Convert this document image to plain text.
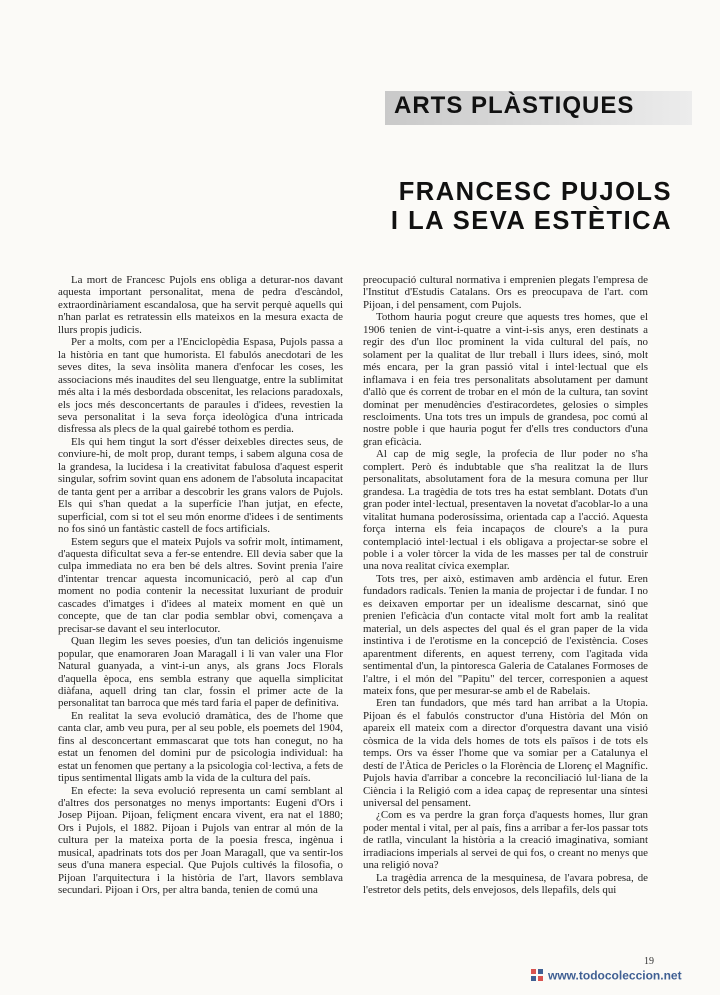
ARTS PLÀSTIQUES
FRANCESC PUJOLS
I LA SEVA ESTÈTICA

La mort de Francesc Pujols ens obliga a deturar-nos davant aquesta important personalitat, mena de pedra d'escàndol, extraordinàriament escandalosa, que ha servit perquè aquells qui n'han parlat es retratessin ells mateixos en la mesura exacta de llurs propis judicis.

Per a molts, com per a l'Enciclopèdia Espasa, Pujols passa a la història en tant que humorista. El fabulós anecdotari de les seves dites, la seva insòlita manera d'enfocar les coses, les associacions més inaudites del seu llenguatge, entre la sublimitat més alta i la més desbordada obscenitat, les relacions paradoxals, els jocs més desconcertants de paraules i d'idees, revestien la seva personalitat i la seva força ideològica d'una intricada disfressa als plecs de la qual gairebé tothom es perdia.

Els qui hem tingut la sort d'ésser deixebles directes seus, de conviure-hi, de molt prop, durant temps, i sabem alguna cosa de la grandesa, la lucidesa i la creativitat fabulosa d'aquest esperit singular, sofrim sovint quan ens adonem de l'absoluta incapacitat de tanta gent per a arribar a descobrir les grans valors de Pujols. Els qui s'han quedat a la superfície l'han jutjat, en efecte, superficial, com si tot el seu món enorme d'idees i de sentiments no fos sinó un fantàstic castell de focs artificials.

Estem segurs que el mateix Pujols va sofrir molt, íntimament, d'aquesta dificultat seva a fer-se entendre. Ell devia saber que la culpa immediata no era ben bé dels altres. Sovint prenia l'aire d'intentar trencar aquesta incomunicació, però al cap d'un moment no podia contenir la necessitat luxuriant de produir cascades d'imatges i d'idees al mateix moment en què un concepte, que de tan clar podia semblar obvi, començava a precisar-se davant el seu interlocutor.

Quan llegim les seves poesies, d'un tan deliciós ingenuisme popular, que enamoraren Joan Maragall i li van valer una Flor Natural guanyada, a vint-i-un anys, als grans Jocs Florals d'aquella època, ens sembla estrany que aquella simplicitat diàfana, aquell dring tan clar, fossin el primer acte de la personalitat tan barroca que més tard faria el paper de definitiva.

En realitat la seva evolució dramàtica, des de l'home que canta clar, amb veu pura, per al seu poble, els poemets del 1904, fins al desconcertant emmascarat que tots han conegut, no ha estat un fenomen del domini pur de psicologia individual: ha estat un fenomen que pertany a la psicologia col·lectiva, a fets de tipus sentimental lligats amb la vida de la cultura del país.

En efecte: la seva evolució representa un camí semblant al d'altres dos personatges no menys importants: Eugeni d'Ors i Josep Pijoan. Pijoan, feliçment encara vivent, era nat el 1880; Ors i Pujols, el 1882. Pijoan i Pujols van entrar al món de la cultura per la mateixa porta de la poesia fresca, ingènua i musical, apadrinats tots dos per Joan Maragall, que va sentir-los seus d'una manera especial. Que Pujols cultivés la filosofia, o Pijoan l'arquitectura i la història de l'art, llavors semblava secundari. Pijoan i Ors, per altra banda, tenien de comú una

preocupació cultural normativa i emprenien plegats l'empresa de l'Institut d'Estudis Catalans. Ors es preocupava de l'art. com Pijoan, i del pensament, com Pujols.

Tothom hauria pogut creure que aquests tres homes, que el 1906 tenien de vint-i-quatre a vint-i-sis anys, eren destinats a regir des d'un lloc prominent la vida cultural del país, no solament per la qualitat de llur treball i llurs idees, sinó, molt més encara, per la gran passió vital i intel·lectual que els inflamava i en feia tres personalitats absolutament per damunt d'allò que és corrent de trobar en el món de la cultura, tan sovint dominat per menudències d'estiracordetes, gelosies o simples rescloiments. Una tots tres un impuls de grandesa, poc comú al nostre poble i que hauria pogut fer d'ells tres conductors d'una gran eficàcia.

Al cap de mig segle, la profecia de llur poder no s'ha complert. Però és indubtable que s'ha realitzat la de llurs personalitats, absolutament fora de la mesura comuna per llur grandesa. La tragèdia de tots tres ha estat semblant. Dotats d'un gran poder intel·lectual, presentaven la novetat d'acoblar-lo a una vitalitat humana poderosíssima, orientada cap a l'acció. Aquesta força interna els feia incapaços de cloure's a la pura contemplació intel·lectual i els obligava a projectar-se sobre el poble i a voler tòrcer la vida de les masses per tal de construir una nova realitat cívica exemplar.

Tots tres, per això, estimaven amb ardència el futur. Eren fundadors radicals. Tenien la mania de projectar i de fundar. I no es deixaven emportar per un idealisme descarnat, sinó que prenien l'eficàcia d'un contacte vital molt fort amb la realitat material, un dels aspectes del qual és el gran paper de la vida instintiva i de l'erotisme en la concepció de l'existència. Coses aparentment diferents, en aquest terreny, com l'agitada vida sentimental d'un, la pintoresca Galeria de Catalanes Formoses de l'altre, i el món del "Papitu" del tercer, corresponien a aquest mateix fons, que per mesurar-se amb el de Rabelais.

Eren tan fundadors, que més tard han arribat a la Utopia. Pijoan és el fabulós constructor d'una Història del Món on apareix ell mateix com a director d'orquestra davant una visió còsmica de la vida dels homes de tots els països i de tots els temps. Ors va ésser l'home que va somiar per a Catalunya el destí de l'Àtica de Pericles o la Florència de Llorenç el Magnífic. Pujols havia d'arribar a concebre la reconciliació lul·liana de la Ciència i la Religió com a idea capaç de representar una síntesi universal del pensament.

¿Com es va perdre la gran força d'aquests homes, llur gran poder mental i vital, per al país, fins a arribar a fer-los passar tots de ratlla, vinculant la història a la creació imaginativa, somiant irradiacions imperials al servei de qui fos, o creant no menys que una religió nova?

La tragèdia arrenca de la mesquinesa, de l'avara pobresa, de l'estretor dels petits, dels envejosos, dels llepafils, dels qui

19
www.todocoleccion.net
